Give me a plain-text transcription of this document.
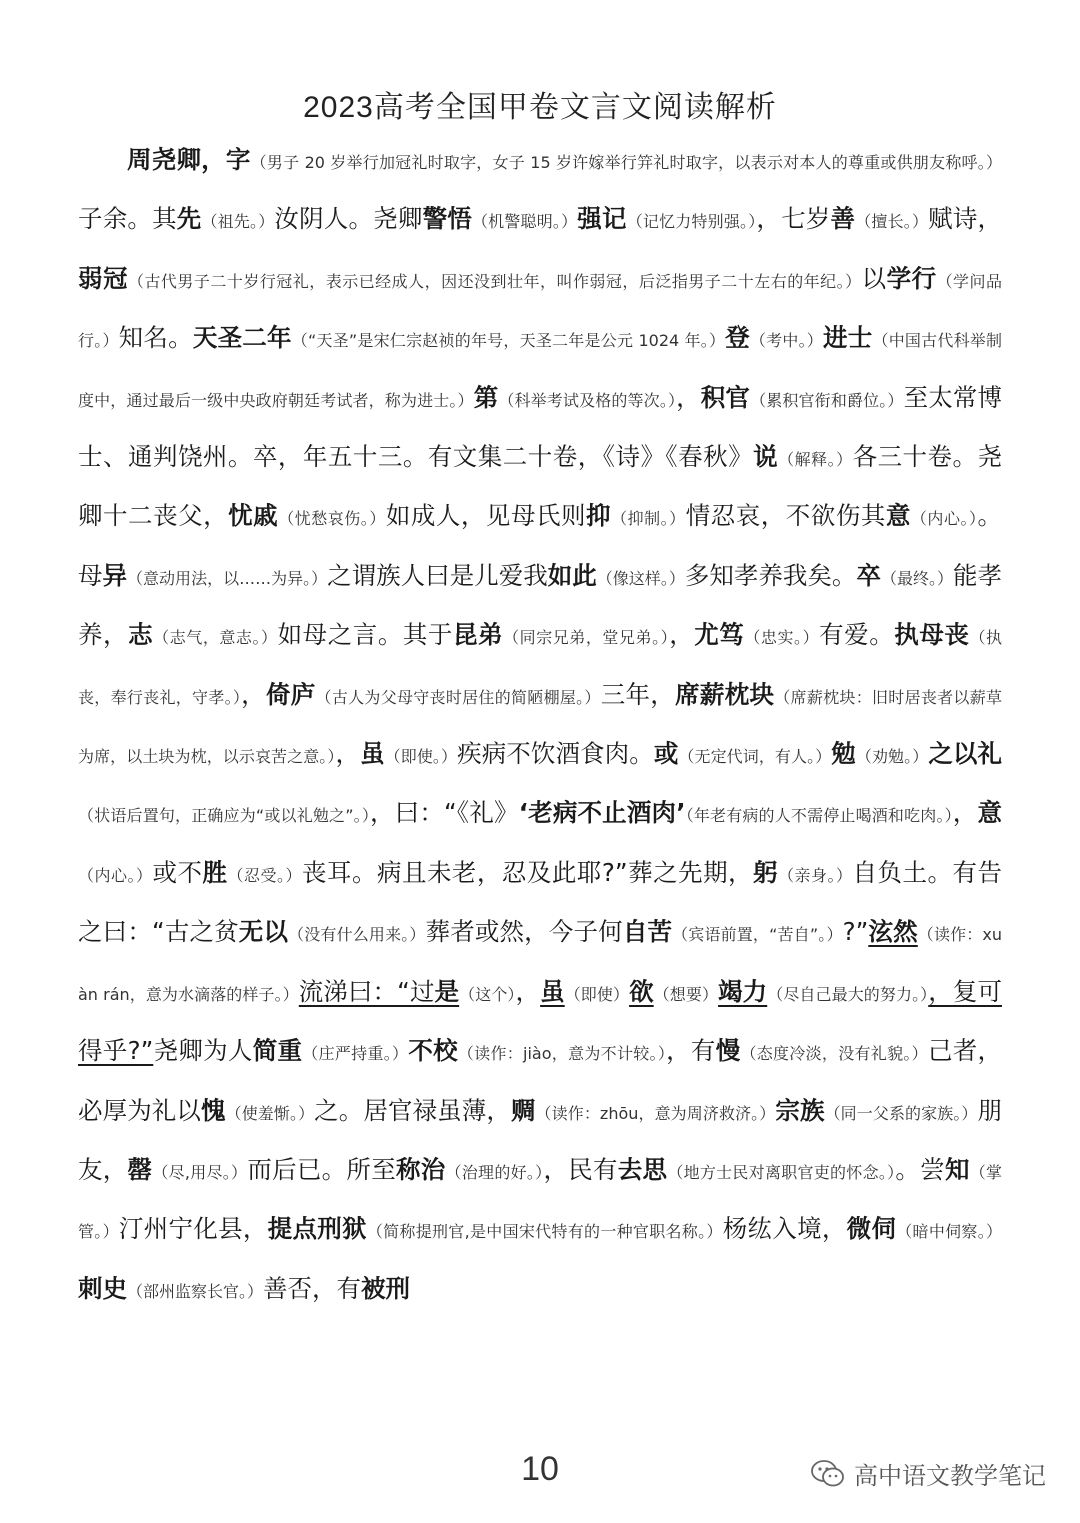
2023高考全国甲卷文言文阅读解析
周尧卿，字（男子 20 岁举行加冠礼时取字，女子 15 岁许嫁举行笄礼时取字，以表示对本人的尊重或供朋友称呼。）子余。其先（祖先。）汝阴人。尧卿警悟（机警聪明。）强记（记忆力特别强。），七岁善（擅长。）赋诗，弱冠（古代男子二十岁行冠礼，表示已经成人，因还没到壮年，叫作弱冠，后泛指男子二十左右的年纪。）以学行（学问品行。）知名。天圣二年（“天圣”是宋仁宗赵祯的年号，天圣二年是公元 1024 年。）登（考中。）进士（中国古代科举制度中，通过最后一级中央政府朝廷考试者，称为进士。）第（科举考试及格的等次。），积官（累积官衔和爵位。）至太常博士、通判饶州。卒，年五十三。有文集二十卷，《诗》《春秋》说（解释。）各三十卷。尧卿十二丧父，忧戚（忧愁哀伤。）如成人，见母氏则抑（抑制。）情忍哀，不欲伤其意（内心。）。母异（意动用法，以……为异。）之谓族人曰是儿爱我如此（像这样。）多知孝养我矣。卒（最终。）能孝养，志（志气，意志。）如母之言。其于昆弟（同宗兄弟，堂兄弟。），尤笃（忠实。）有爱。执母丧（执丧，奉行丧礼，守孝。），倚庐（古人为父母守丧时居住的简陋棚屋。）三年，席薪枕块（席薪枕块：旧时居丧者以薪草为席，以土块为枕，以示哀苦之意。），虽（即使。）疾病不饮酒食肉。或（无定代词，有人。）勉（劝勉。）之以礼（状语后置句，正确应为“或以礼勉之”。），曰：“《礼》‘老病不止酒肉’（年老有病的人不需停止喝酒和吃肉。），意（内心。）或不胜（忍受。）丧耳。病且未老，忍及此耶?”葬之先期，躬（亲身。）自负土。有告之曰：“古之贫无以（没有什么用来。）葬者或然，今子何自苦（宾语前置，“苦自”。）?”泫然（读作：xuàn rán，意为水滴落的样子。）流涕曰：“过是（这个），虽（即使）欲（想要）竭力（尽自己最大的努力。），复可得乎?”尧卿为人简重（庄严持重。）不校（读作：jiào，意为不计较。），有慢（态度冷淡，没有礼貌。）己者，必厚为礼以愧（使羞惭。）之。居官禄虽薄，赒（读作：zhōu，意为周济救济。）宗族（同一父系的家族。）朋友，罄（尽,用尽。）而后已。所至称治（治理的好。），民有去思（地方士民对离职官吏的怀念。）。尝知（掌管。）汀州宁化县，提点刑狱（简称提刑官,是中国宋代特有的一种官职名称。）杨纮入境，微伺（暗中伺察。）刺史（部州监察长官。）善否，有被刑
10	高中语文教学笔记
